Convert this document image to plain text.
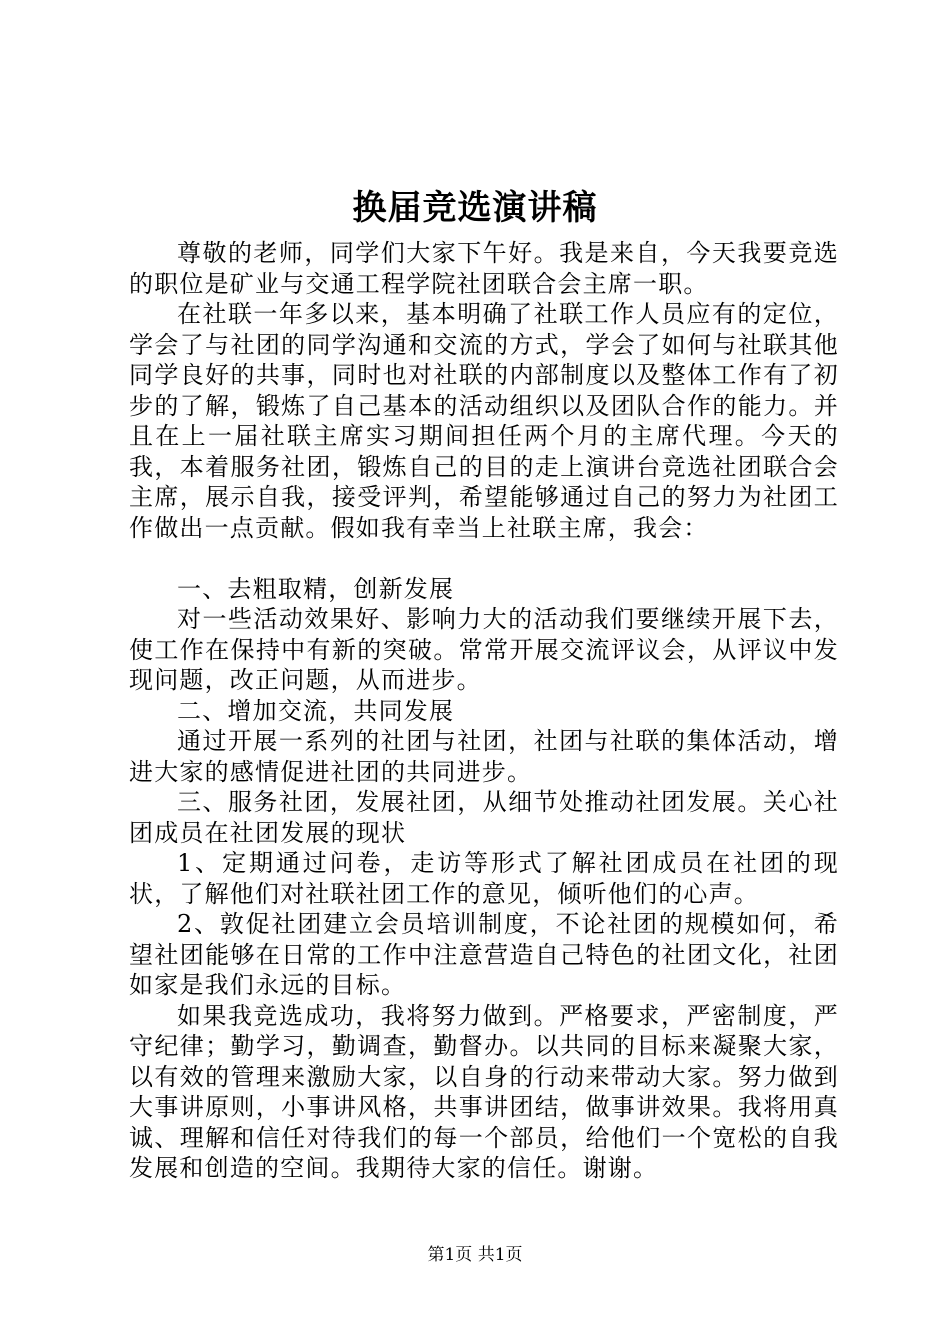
换届竞选演讲稿

尊敬的老师，同学们大家下午好。我是来自，今天我要竞选的职位是矿业与交通工程学院社团联合会主席一职。

在社联一年多以来，基本明确了社联工作人员应有的定位，学会了与社团的同学沟通和交流的方式，学会了如何与社联其他同学良好的共事，同时也对社联的内部制度以及整体工作有了初步的了解，锻炼了自己基本的活动组织以及团队合作的能力。并且在上一届社联主席实习期间担任两个月的主席代理。今天的我，本着服务社团，锻炼自己的目的走上演讲台竞选社团联合会主席，展示自我，接受评判，希望能够通过自己的努力为社团工作做出一点贡献。假如我有幸当上社联主席，我会：

一、去粗取精，创新发展

对一些活动效果好、影响力大的活动我们要继续开展下去，使工作在保持中有新的突破。常常开展交流评议会，从评议中发现问题，改正问题，从而进步。

二、增加交流，共同发展

通过开展一系列的社团与社团，社团与社联的集体活动，增进大家的感情促进社团的共同进步。

三、服务社团，发展社团，从细节处推动社团发展。关心社团成员在社团发展的现状

1、定期通过问卷，走访等形式了解社团成员在社团的现状，了解他们对社联社团工作的意见，倾听他们的心声。

2、敦促社团建立会员培训制度，不论社团的规模如何，希望社团能够在日常的工作中注意营造自己特色的社团文化，社团如家是我们永远的目标。

如果我竞选成功，我将努力做到。严格要求，严密制度，严守纪律；勤学习，勤调查，勤督办。以共同的目标来凝聚大家，以有效的管理来激励大家，以自身的行动来带动大家。努力做到大事讲原则，小事讲风格，共事讲团结，做事讲效果。我将用真诚、理解和信任对待我们的每一个部员，给他们一个宽松的自我发展和创造的空间。我期待大家的信任。谢谢。

第1页 共1页
